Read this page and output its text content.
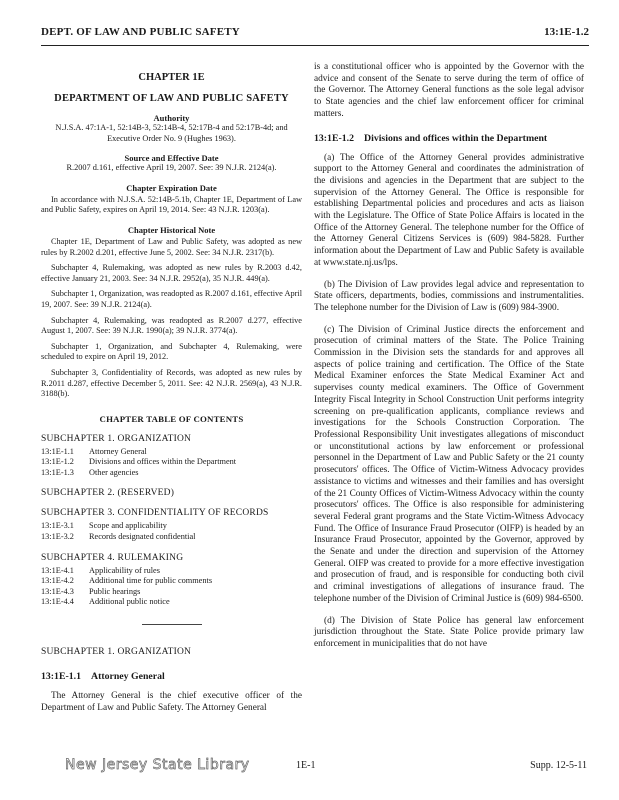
DEPT. OF LAW AND PUBLIC SAFETY	13:1E-1.2
CHAPTER 1E
DEPARTMENT OF LAW AND PUBLIC SAFETY
Authority
N.J.S.A. 47:1A-1, 52:14B-3, 52:14B-4, 52:17B-4 and 52:17B-4d; and Executive Order No. 9 (Hughes 1963).
Source and Effective Date
R.2007 d.161, effective April 19, 2007. See: 39 N.J.R. 2124(a).
Chapter Expiration Date
In accordance with N.J.S.A. 52:14B-5.1b, Chapter 1E, Department of Law and Public Safety, expires on April 19, 2014. See: 43 N.J.R. 1203(a).
Chapter Historical Note
Chapter 1E, Department of Law and Public Safety, was adopted as new rules by R.2002 d.201, effective June 5, 2002. See: 34 N.J.R. 2317(b).
Subchapter 4, Rulemaking, was adopted as new rules by R.2003 d.42, effective January 21, 2003. See: 34 N.J.R. 2952(a), 35 N.J.R. 449(a).
Subchapter 1, Organization, was readopted as R.2007 d.161, effective April 19, 2007. See: 39 N.J.R. 2124(a).
Subchapter 4, Rulemaking, was readopted as R.2007 d.277, effective August 1, 2007. See: 39 N.J.R. 1990(a); 39 N.J.R. 3774(a).
Subchapter 1, Organization, and Subchapter 4, Rulemaking, were scheduled to expire on April 19, 2012.
Subchapter 3, Confidentiality of Records, was adopted as new rules by R.2011 d.287, effective December 5, 2011. See: 42 N.J.R. 2569(a), 43 N.J.R. 3188(b).
CHAPTER TABLE OF CONTENTS
SUBCHAPTER 1. ORGANIZATION
13:1E-1.1	Attorney General
13:1E-1.2	Divisions and offices within the Department
13:1E-1.3	Other agencies
SUBCHAPTER 2. (RESERVED)
SUBCHAPTER 3. CONFIDENTIALITY OF RECORDS
13:1E-3.1	Scope and applicability
13:1E-3.2	Records designated confidential
SUBCHAPTER 4. RULEMAKING
13:1E-4.1	Applicability of rules
13:1E-4.2	Additional time for public comments
13:1E-4.3	Public hearings
13:1E-4.4	Additional public notice
SUBCHAPTER 1. ORGANIZATION
13:1E-1.1 Attorney General
The Attorney General is the chief executive officer of the Department of Law and Public Safety. The Attorney General
is a constitutional officer who is appointed by the Governor with the advice and consent of the Senate to serve during the term of office of the Governor. The Attorney General functions as the sole legal advisor to State agencies and the chief law enforcement officer for criminal matters.
13:1E-1.2 Divisions and offices within the Department
(a) The Office of the Attorney General provides administrative support to the Attorney General and coordinates the administration of the divisions and agencies in the Department that are subject to the supervision of the Attorney General. The Office is responsible for establishing Departmental policies and procedures and acts as liaison with the Legislature. The Office of State Police Affairs is located in the Office of the Attorney General. The telephone number for the Office of the Attorney General Citizens Services is (609) 984-5828. Further information about the Department of Law and Public Safety is available at www.state.nj.us/lps.
(b) The Division of Law provides legal advice and representation to State officers, departments, bodies, commissions and instrumentalities. The telephone number for the Division of Law is (609) 984-3900.
(c) The Division of Criminal Justice directs the enforcement and prosecution of criminal matters of the State. The Police Training Commission in the Division sets the standards for and approves all aspects of police training and certification. The Office of the State Medical Examiner enforces the State Medical Examiner Act and supervises county medical examiners. The Office of Government Integrity Fiscal Integrity in School Construction Unit performs integrity screening on pre-qualification applicants, compliance reviews and investigations for the Schools Construction Corporation. The Professional Responsibility Unit investigates allegations of misconduct or unconstitutional actions by law enforcement or professional personnel in the Department of Law and Public Safety or the 21 county prosecutors' offices. The Office of Victim-Witness Advocacy provides assistance to victims and witnesses and their families and has oversight of the 21 County Offices of Victim-Witness Advocacy within the county prosecutors' offices. The Office is also responsible for administering several Federal grant programs and the State Victim-Witness Advocacy Fund. The Office of Insurance Fraud Prosecutor (OIFP) is headed by an Insurance Fraud Prosecutor, appointed by the Governor, approved by the Senate and under the direction and supervision of the Attorney General. OIFP was created to provide for a more effective investigation and prosecution of fraud, and is responsible for conducting both civil and criminal investigations of allegations of insurance fraud. The telephone number of the Division of Criminal Justice is (609) 984-6500.
(d) The Division of State Police has general law enforcement jurisdiction throughout the State. State Police provide primary law enforcement in municipalities that do not have
New Jersey State Library	1E-1	Supp. 12-5-11
